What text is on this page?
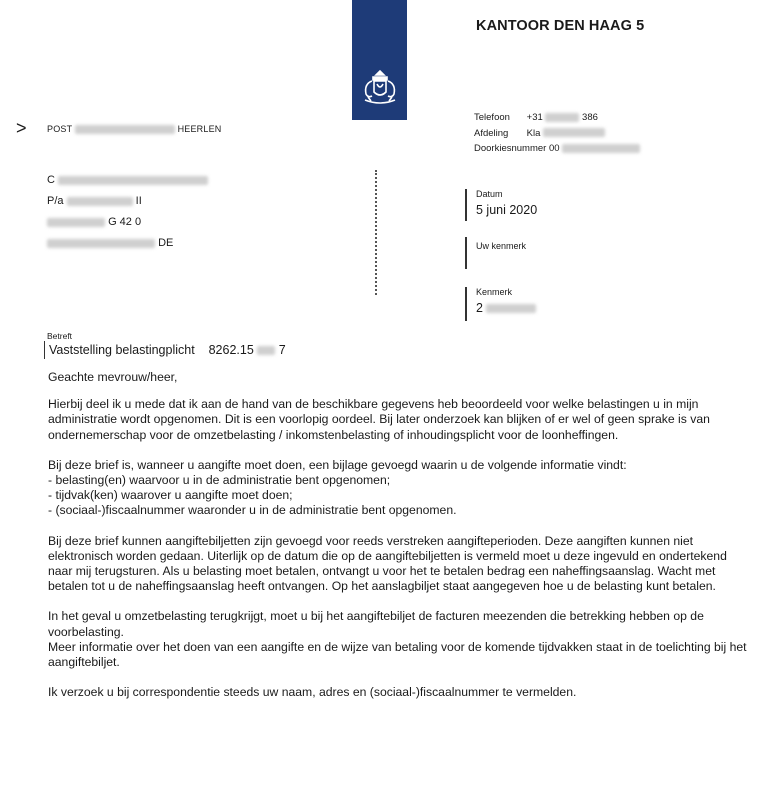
KANTOOR DEN HAAG 5
Telefoon +31	386
Afdeling Kla
Doorkiesnummer 00
> POST	HEERLEN
C
P/a	II
G 42 0
DE
Datum
5 juni 2020
Uw kenmerk
Kenmerk
2
Betreft
Vaststelling belastingplicht 8262.15 7

Geachte mevrouw/heer,

Hierbij deel ik u mede dat ik aan de hand van de beschikbare gegevens heb beoordeeld voor welke belastingen u in mijn administratie wordt opgenomen. Dit is een voorlopig oordeel. Bij later onderzoek kan blijken of er wel of geen sprake is van ondernemerschap voor de omzetbelasting / inkomstenbelasting of inhoudingsplicht voor de loonheffingen.

Bij deze brief is, wanneer u aangifte moet doen, een bijlage gevoegd waarin u de volgende informatie vindt:
- belasting(en) waarvoor u in de administratie bent opgenomen;
- tijdvak(ken) waarover u aangifte moet doen;
- (sociaal-)fiscaalnummer waaronder u in de administratie bent opgenomen.

Bij deze brief kunnen aangiftebiljetten zijn gevoegd voor reeds verstreken aangifteperioden. Deze aangiften kunnen niet elektronisch worden gedaan. Uiterlijk op de datum die op de aangiftebiljetten is vermeld moet u deze ingevuld en ondertekend naar mij terugsturen. Als u belasting moet betalen, ontvangt u voor het te betalen bedrag een naheffingsaanslag. Wacht met betalen tot u de naheffingsaanslag heeft ontvangen. Op het aanslagbiljet staat aangegeven hoe u de belasting kunt betalen.

In het geval u omzetbelasting terugkrijgt, moet u bij het aangiftebiljet de facturen meezenden die betrekking hebben op de voorbelasting.
Meer informatie over het doen van een aangifte en de wijze van betaling voor de komende tijdvakken staat in de toelichting bij het aangiftebiljet.

Ik verzoek u bij correspondentie steeds uw naam, adres en (sociaal-)fiscaalnummer te vermelden.
